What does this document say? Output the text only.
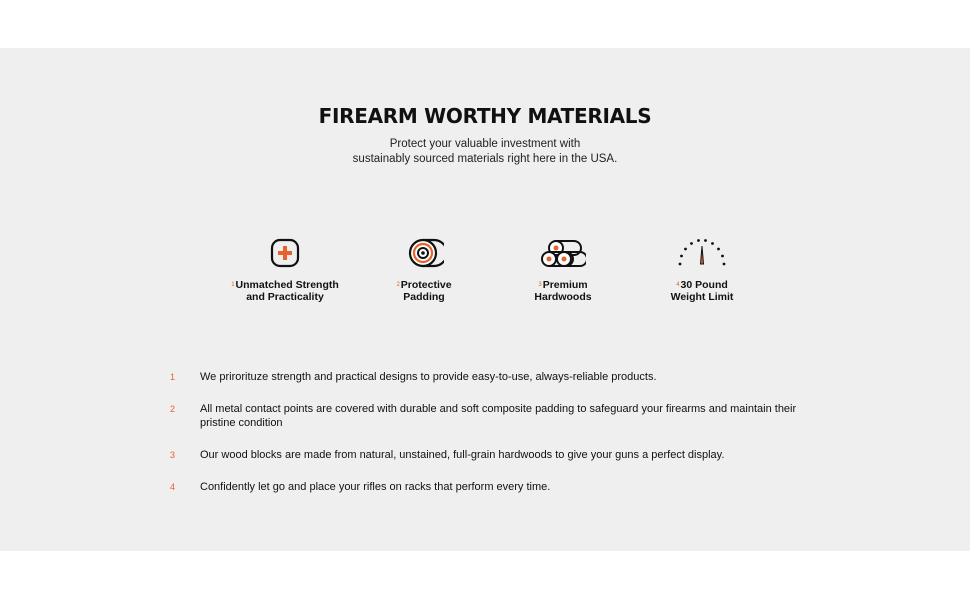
FIREARM WORTHY MATERIALS
Protect your valuable investment with
sustainably sourced materials right here in the USA.
$^1$Unmatched Strength
and Practicality
$^2$Protective
Padding
$^3$Premium
Hardwoods
$^4$30 Pound
Weight Limit
1	We prirorituze strength and practical designs to provide easy-to-use, always-reliable products.
2	All metal contact points are covered with durable and soft composite padding to safeguard your firearms and maintain their pristine condition
3	Our wood blocks are made from natural, unstained, full-grain hardwoods to give your guns a perfect display.
4	Confidently let go and place your rifles on racks that perform every time.
